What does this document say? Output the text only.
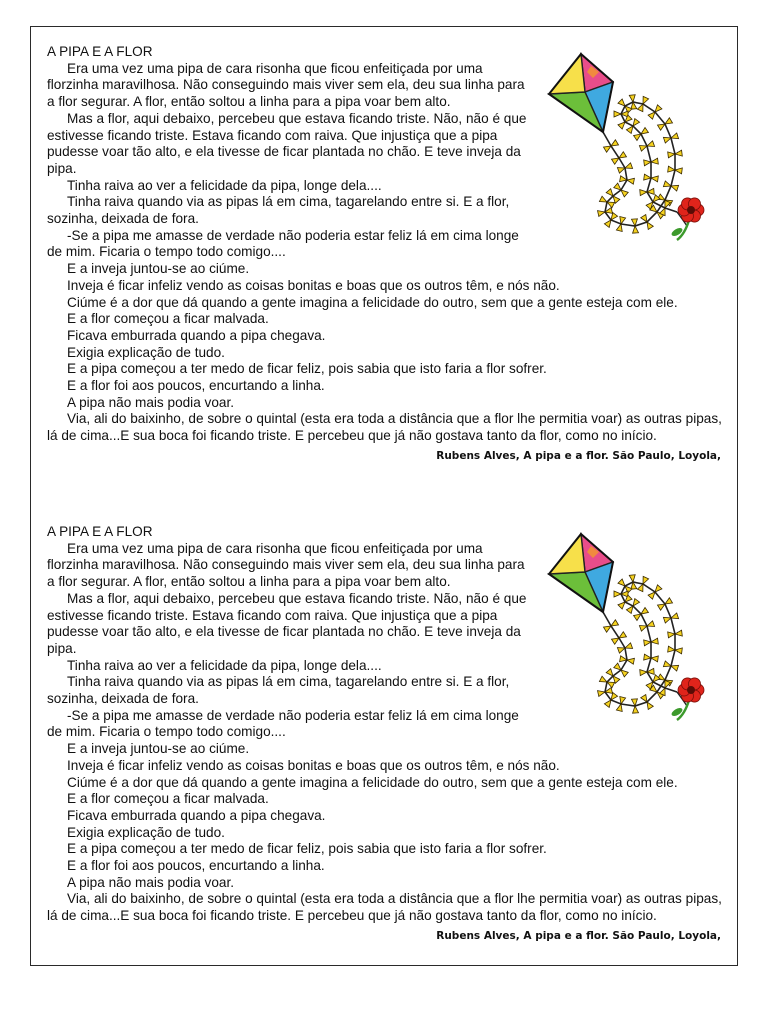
A PIPA E A FLOR

Era uma vez uma pipa de cara risonha que ficou enfeitiçada por uma florzinha maravilhosa. Não conseguindo mais viver sem ela, deu sua linha para a flor segurar. A flor, então soltou a linha para a pipa voar bem alto.

Mas a flor, aqui debaixo, percebeu que estava ficando triste. Não, não é que estivesse ficando triste. Estava ficando com raiva. Que injustiça que a pipa pudesse voar tão alto, e ela tivesse de ficar plantada no chão. E teve inveja da pipa.

Tinha raiva ao ver a felicidade da pipa, longe dela....

Tinha raiva quando via as pipas lá em cima, tagarelando entre si. E a flor, sozinha, deixada de fora.

-Se a pipa me amasse de verdade não poderia estar feliz lá em cima longe de mim. Ficaria o tempo todo comigo....

E a inveja juntou-se ao ciúme.

Inveja é ficar infeliz vendo as coisas bonitas e boas que os outros têm, e nós não.

Ciúme é a dor que dá quando a gente imagina a felicidade do outro, sem que a gente esteja com ele.

E a flor começou a ficar malvada.

Ficava emburrada quando a pipa chegava.

Exigia explicação de tudo.

E a pipa começou a ter medo de ficar feliz, pois sabia que isto faria a flor sofrer.

E a flor foi aos poucos, encurtando a linha.

A pipa não mais podia voar.

Via, ali do baixinho, de sobre o quintal (esta era toda a distância que a flor lhe permitia voar) as outras pipas, lá de cima...E sua boca foi ficando triste. E percebeu que já não gostava tanto da flor, como no início.

Rubens Alves, A pipa e a flor. São Paulo, Loyola,

A PIPA E A FLOR

Era uma vez uma pipa de cara risonha que ficou enfeitiçada por uma florzinha maravilhosa. Não conseguindo mais viver sem ela, deu sua linha para a flor segurar. A flor, então soltou a linha para a pipa voar bem alto.

Mas a flor, aqui debaixo, percebeu que estava ficando triste. Não, não é que estivesse ficando triste. Estava ficando com raiva. Que injustiça que a pipa pudesse voar tão alto, e ela tivesse de ficar plantada no chão. E teve inveja da pipa.

Tinha raiva ao ver a felicidade da pipa, longe dela....

Tinha raiva quando via as pipas lá em cima, tagarelando entre si. E a flor, sozinha, deixada de fora.

-Se a pipa me amasse de verdade não poderia estar feliz lá em cima longe de mim. Ficaria o tempo todo comigo....

E a inveja juntou-se ao ciúme.

Inveja é ficar infeliz vendo as coisas bonitas e boas que os outros têm, e nós não.

Ciúme é a dor que dá quando a gente imagina a felicidade do outro, sem que a gente esteja com ele.

E a flor começou a ficar malvada.

Ficava emburrada quando a pipa chegava.

Exigia explicação de tudo.

E a pipa começou a ter medo de ficar feliz, pois sabia que isto faria a flor sofrer.

E a flor foi aos poucos, encurtando a linha.

A pipa não mais podia voar.

Via, ali do baixinho, de sobre o quintal (esta era toda a distância que a flor lhe permitia voar) as outras pipas, lá de cima...E sua boca foi ficando triste. E percebeu que já não gostava tanto da flor, como no início.

Rubens Alves, A pipa e a flor. São Paulo, Loyola,
